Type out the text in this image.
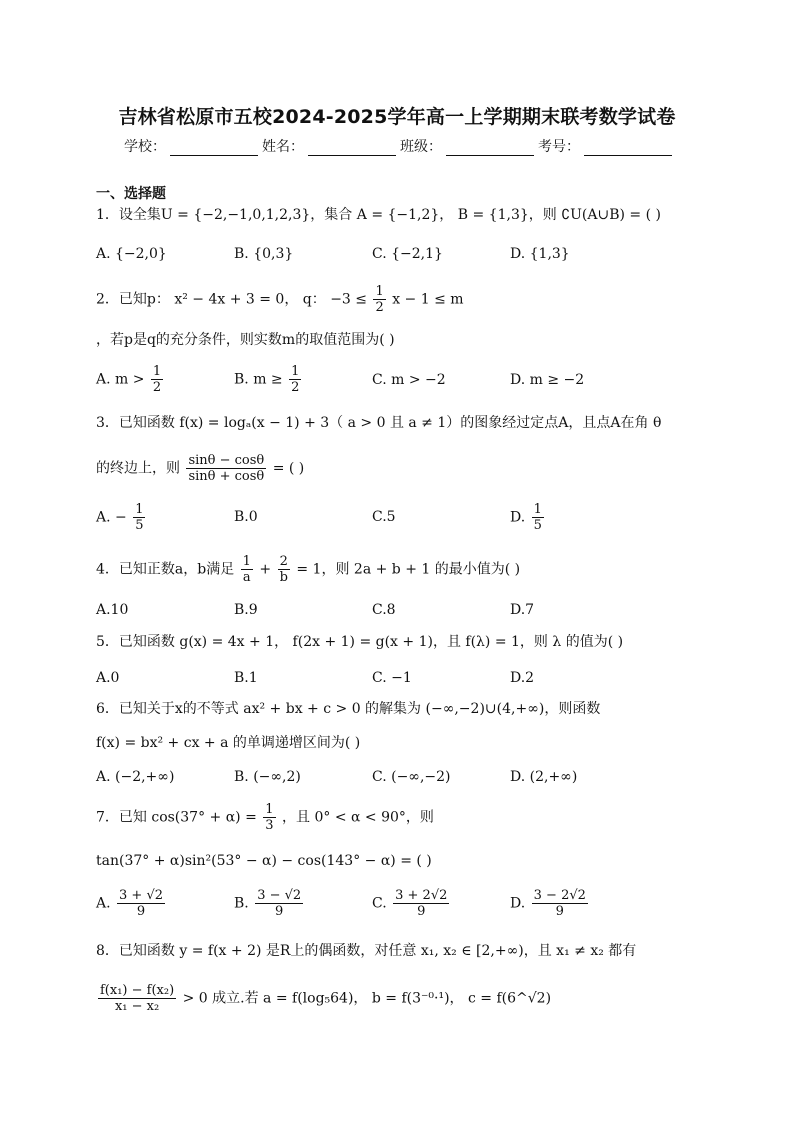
吉林省松原市五校2024-2025学年高一上学期期末联考数学试卷
学校：	姓名：	班级：	考号：
一、选择题
1．设全集U = {−2,−1,0,1,2,3}，集合 A = {−1,2}， B = {1,3}，则 ∁U(A∪B) = ( )
A. {−2,0}	B. {0,3}	C. {−2,1}	D. {1,3}
2．已知p： x² − 4x + 3 = 0， q： $-3 \le \frac{1}{2}$ x − 1 ≤ m
，若p是q的充分条件，则实数m的取值范围为( )
A. $m > \frac{1}{2}$	B. $m \ge \frac{1}{2}$	C. m > −2	D. m ≥ −2
3．已知函数 f(x) = logₐ(x − 1) + 3（ a > 0 且 a ≠ 1）的图象经过定点A，且点A在角 θ
的终边上，则 $\frac{\sin\theta - \cos\theta}{\sin\theta + \cos\theta}$ = ( )
A. − $\frac{1}{5}$	B.0	C.5	D. $\frac{1}{5}$
4．已知正数a，b满足 $\frac{1}{a} + \frac{2}{b} = 1$，则 2a + b + 1 的最小值为( )
A.10	B.9	C.8	D.7
5．已知函数 g(x) = 4x + 1， f(2x + 1) = g(x + 1)，且 f(λ) = 1，则 λ 的值为( )
A.0	B.1	C. −1	D.2
6．已知关于x的不等式 ax² + bx + c > 0 的解集为 (−∞,−2)∪(4,+∞)，则函数
f(x) = bx² + cx + a 的单调递增区间为( )
A. (−2,+∞)	B. (−∞,2)	C. (−∞,−2)	D. (2,+∞)
7．已知 $\cos(37^\circ + \alpha) = \frac{1}{3}$ ，且 0° < α < 90°，则
tan(37° + α)sin²(53° − α) − cos(143° − α) = ( )
A. $\frac{3 + √2}{9}$	B. $\frac{3 - √2}{9}$	C. $\frac{3 + 2√2}{9}$	D. $\frac{3 - 2√2}{9}$
8．已知函数 y = f(x + 2) 是R上的偶函数，对任意 x₁, x₂ ∈ [2,+∞)，且 x₁ ≠ x₂ 都有
$\frac{\text{f(x₁) − f(x₂)}}{\text{x₁ − x₂}} > 0$ 成立.若 a = f(log₅64)， b = f(3⁻⁰·¹)， c = f(6^√2)
